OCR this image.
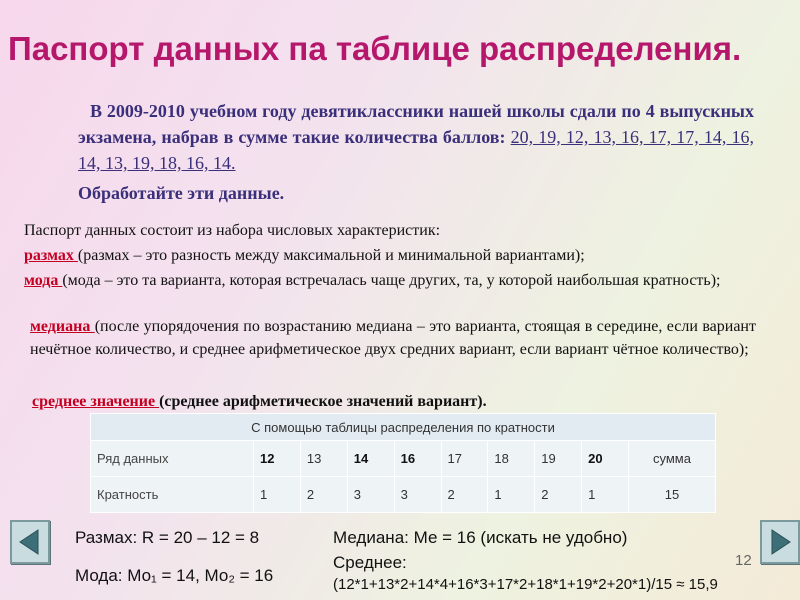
Паспорт данных па таблице распределения.
В 2009-2010 учебном году девятиклассники нашей школы сдали по 4 выпускных экзамена, набрав в сумме такие количества баллов: 20, 19, 12, 13, 16, 17, 17, 14, 16, 14, 13, 19, 18, 16, 14.
Обработайте эти данные.
Паспорт данных состоит из набора числовых характеристик:
размах (размах – это разность между максимальной и минимальной вариантами);
мода (мода – это та варианта, которая встречалась чаще других, та, у которой наибольшая кратность);
медиана (после упорядочения по возрастанию медиана – это варианта, стоящая в середине, если вариант нечётное количество, и среднее арифметическое двух средних вариант, если вариант чётное количество);
среднее значение (среднее арифметическое значений вариант).
С помощью таблицы распределения по кратности									
Ряд данных	12	13	14	16	17	18	19	20	сумма
Кратность	1	2	3	3	2	1	2	1	15
Размах: R = 20 – 12 = 8
Мода: Мо₁ = 14, Мо₂ = 16
Медиана: Ме = 16 (искать не удобно)
Среднее:
(12*1+13*2+14*4+16*3+17*2+18*1+19*2+20*1)/15 ≈ 15,9
12
